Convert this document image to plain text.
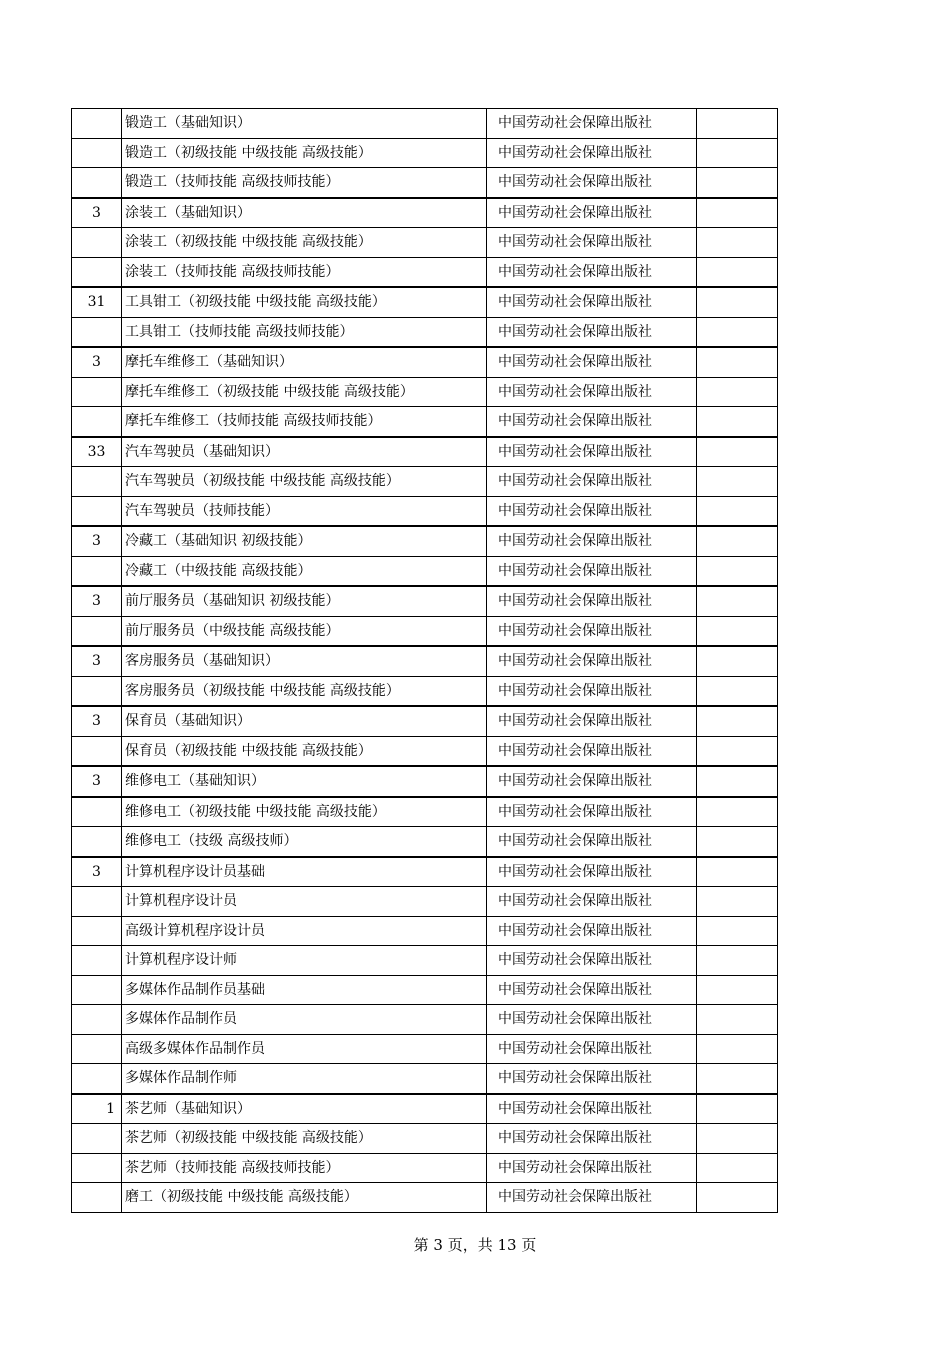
	锻造工（基础知识）	中国劳动社会保障出版社	
	锻造工（初级技能 中级技能 高级技能）	中国劳动社会保障出版社	
	锻造工（技师技能 高级技师技能）	中国劳动社会保障出版社	
3	涂装工（基础知识）	中国劳动社会保障出版社	
	涂装工（初级技能 中级技能 高级技能）	中国劳动社会保障出版社	
	涂装工（技师技能 高级技师技能）	中国劳动社会保障出版社	
31	工具钳工（初级技能 中级技能 高级技能）	中国劳动社会保障出版社	
	工具钳工（技师技能 高级技师技能）	中国劳动社会保障出版社	
3	摩托车维修工（基础知识）	中国劳动社会保障出版社	
	摩托车维修工（初级技能 中级技能 高级技能）	中国劳动社会保障出版社	
	摩托车维修工（技师技能 高级技师技能）	中国劳动社会保障出版社	
33	汽车驾驶员（基础知识）	中国劳动社会保障出版社	
	汽车驾驶员（初级技能 中级技能 高级技能）	中国劳动社会保障出版社	
	汽车驾驶员（技师技能）	中国劳动社会保障出版社	
3	冷藏工（基础知识 初级技能）	中国劳动社会保障出版社	
	冷藏工（中级技能 高级技能）	中国劳动社会保障出版社	
3	前厅服务员（基础知识 初级技能）	中国劳动社会保障出版社	
	前厅服务员（中级技能 高级技能）	中国劳动社会保障出版社	
3	客房服务员（基础知识）	中国劳动社会保障出版社	
	客房服务员（初级技能 中级技能 高级技能）	中国劳动社会保障出版社	
3	保育员（基础知识）	中国劳动社会保障出版社	
	保育员（初级技能 中级技能 高级技能）	中国劳动社会保障出版社	
3	维修电工（基础知识）	中国劳动社会保障出版社	
	维修电工（初级技能 中级技能 高级技能）	中国劳动社会保障出版社	
	维修电工（技级 高级技师）	中国劳动社会保障出版社	
3	计算机程序设计员基础	中国劳动社会保障出版社	
	计算机程序设计员	中国劳动社会保障出版社	
	高级计算机程序设计员	中国劳动社会保障出版社	
	计算机程序设计师	中国劳动社会保障出版社	
	多媒体作品制作员基础	中国劳动社会保障出版社	
	多媒体作品制作员	中国劳动社会保障出版社	
	高级多媒体作品制作员	中国劳动社会保障出版社	
	多媒体作品制作师	中国劳动社会保障出版社	
1	茶艺师（基础知识）	中国劳动社会保障出版社	
	茶艺师（初级技能 中级技能 高级技能）	中国劳动社会保障出版社	
	茶艺师（技师技能 高级技师技能）	中国劳动社会保障出版社	
	磨工（初级技能 中级技能 高级技能）	中国劳动社会保障出版社	
第 3 页，共 13 页
